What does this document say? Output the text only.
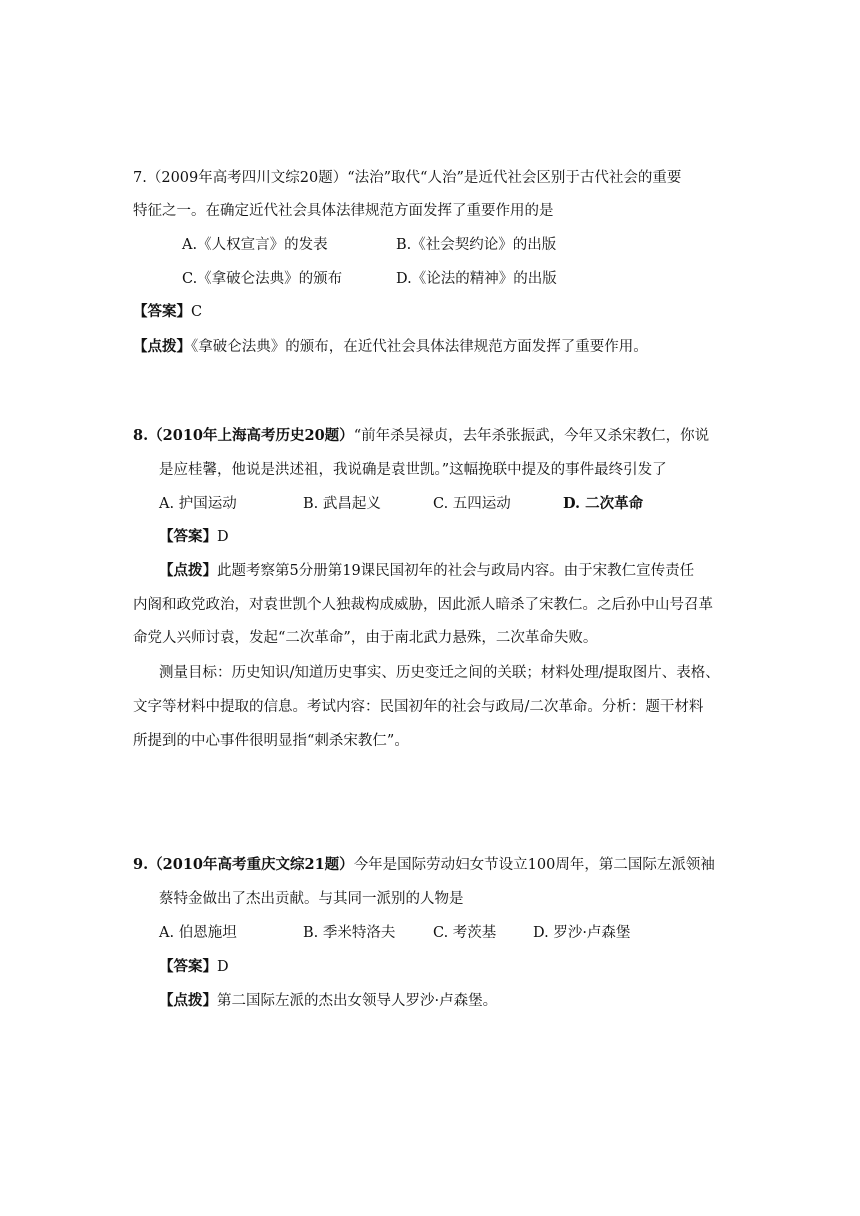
7.（2009年高考四川文综20题）“法治”取代“人治”是近代社会区别于古代社会的重要
特征之一。在确定近代社会具体法律规范方面发挥了重要作用的是
A.《人权宣言》的发表	B.《社会契约论》的出版
C.《拿破仑法典》的颁布	D.《论法的精神》的出版
【答案】C
【点拨】《拿破仑法典》的颁布，在近代社会具体法律规范方面发挥了重要作用。
8.（2010年上海高考历史20题）“前年杀吴禄贞，去年杀张振武，今年又杀宋教仁，你说
是应桂馨，他说是洪述祖，我说确是袁世凯。”这幅挽联中提及的事件最终引发了
A. 护国运动	B. 武昌起义	C. 五四运动	D. 二次革命
【答案】D
【点拨】此题考察第5分册第19课民国初年的社会与政局内容。由于宋教仁宣传责任
内阁和政党政治，对袁世凯个人独裁构成威胁，因此派人暗杀了宋教仁。之后孙中山号召革
命党人兴师讨袁，发起“二次革命”，由于南北武力悬殊，二次革命失败。
测量目标：历史知识/知道历史事实、历史变迁之间的关联；材料处理/提取图片、表格、
文字等材料中提取的信息。考试内容：民国初年的社会与政局/二次革命。分析：题干材料
所提到的中心事件很明显指“刺杀宋教仁”。
9.（2010年高考重庆文综21题）今年是国际劳动妇女节设立100周年，第二国际左派领袖
蔡特金做出了杰出贡献。与其同一派别的人物是
A. 伯恩施坦	B. 季米特洛夫	C. 考茨基	D. 罗沙·卢森堡
【答案】D
【点拨】第二国际左派的杰出女领导人罗沙·卢森堡。
